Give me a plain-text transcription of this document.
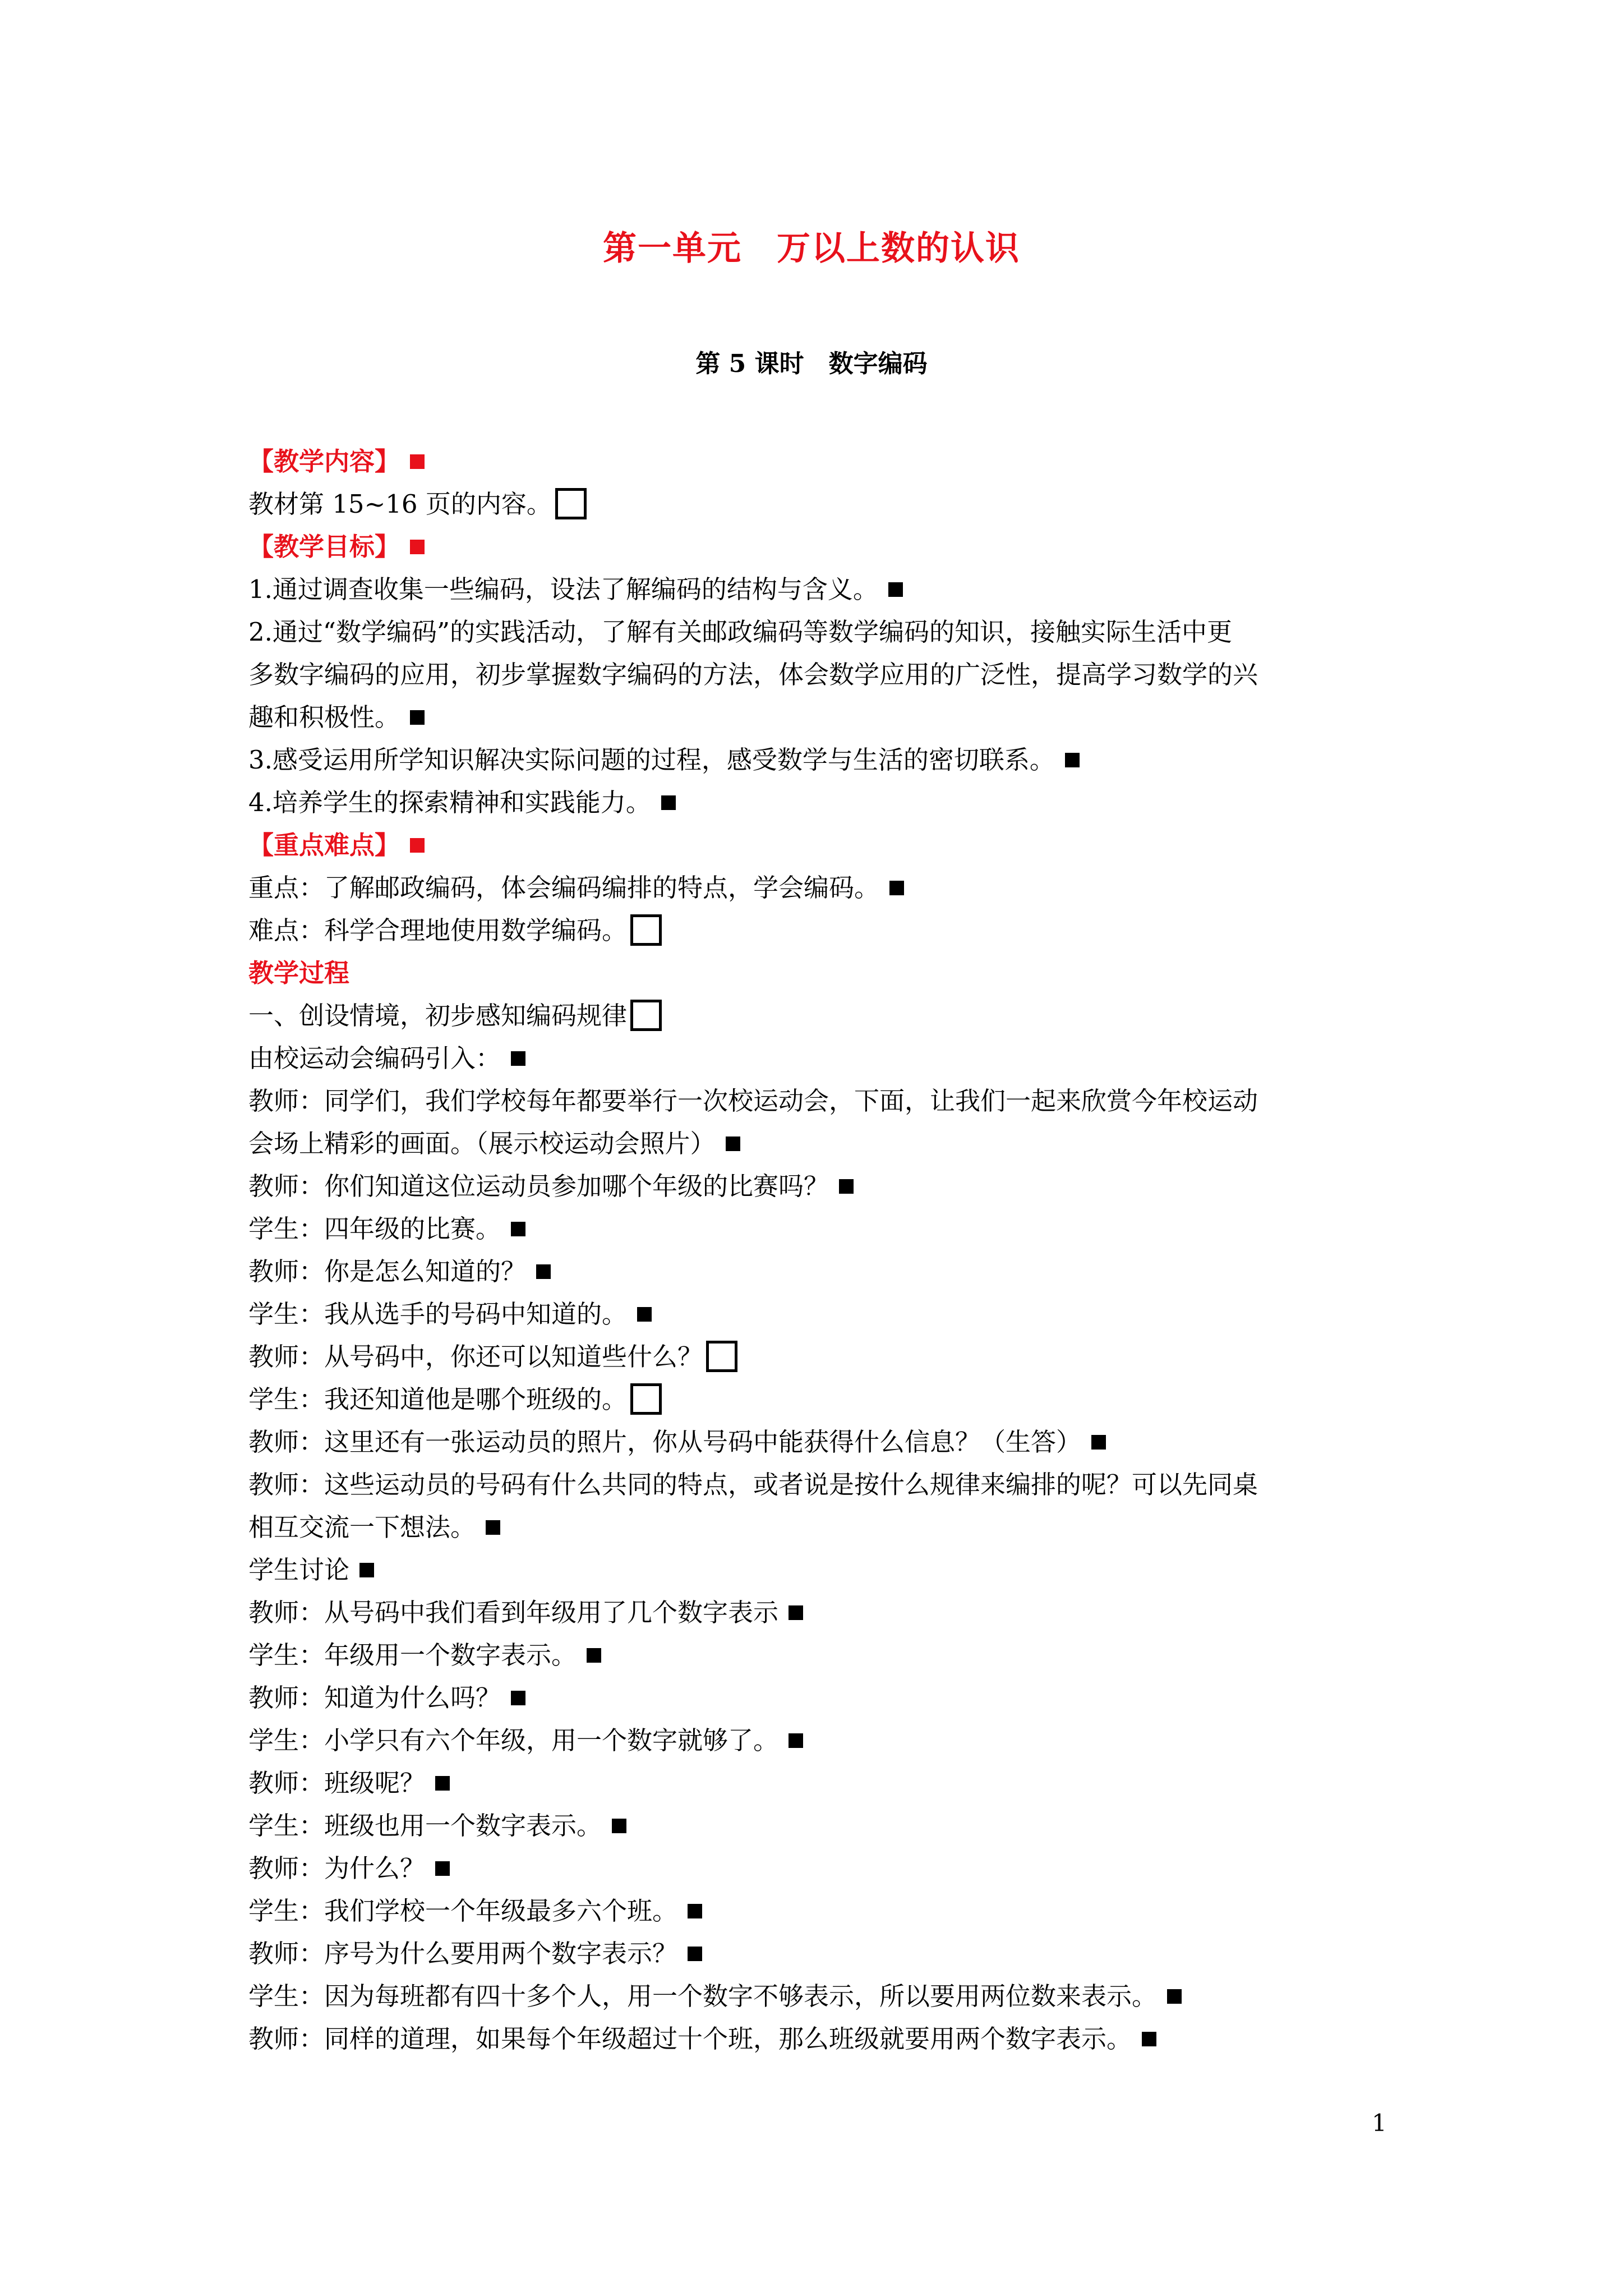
第一单元　万以上数的认识
第 5 课时　数字编码
【教学内容】
教材第 15~16 页的内容。
【教学目标】
1.通过调查收集一些编码，设法了解编码的结构与含义。
2.通过“数学编码”的实践活动，了解有关邮政编码等数学编码的知识，接触实际生活中更
多数字编码的应用，初步掌握数字编码的方法，体会数学应用的广泛性，提高学习数学的兴
趣和积极性。
3.感受运用所学知识解决实际问题的过程，感受数学与生活的密切联系。
4.培养学生的探索精神和实践能力。
【重点难点】
重点：了解邮政编码，体会编码编排的特点，学会编码。
难点：科学合理地使用数学编码。
教学过程
一、创设情境，初步感知编码规律
由校运动会编码引入：
教师：同学们，我们学校每年都要举行一次校运动会，下面，让我们一起来欣赏今年校运动
会场上精彩的画面。（展示校运动会照片）
教师：你们知道这位运动员参加哪个年级的比赛吗？
学生：四年级的比赛。
教师：你是怎么知道的？
学生：我从选手的号码中知道的。
教师：从号码中，你还可以知道些什么？
学生：我还知道他是哪个班级的。
教师：这里还有一张运动员的照片，你从号码中能获得什么信息？（生答）
教师：这些运动员的号码有什么共同的特点，或者说是按什么规律来编排的呢？可以先同桌
相互交流一下想法。
学生讨论
教师：从号码中我们看到年级用了几个数字表示
学生：年级用一个数字表示。
教师：知道为什么吗？
学生：小学只有六个年级，用一个数字就够了。
教师：班级呢？
学生：班级也用一个数字表示。
教师：为什么？
学生：我们学校一个年级最多六个班。
教师：序号为什么要用两个数字表示？
学生：因为每班都有四十多个人，用一个数字不够表示，所以要用两位数来表示。
教师：同样的道理，如果每个年级超过十个班，那么班级就要用两个数字表示。
1
